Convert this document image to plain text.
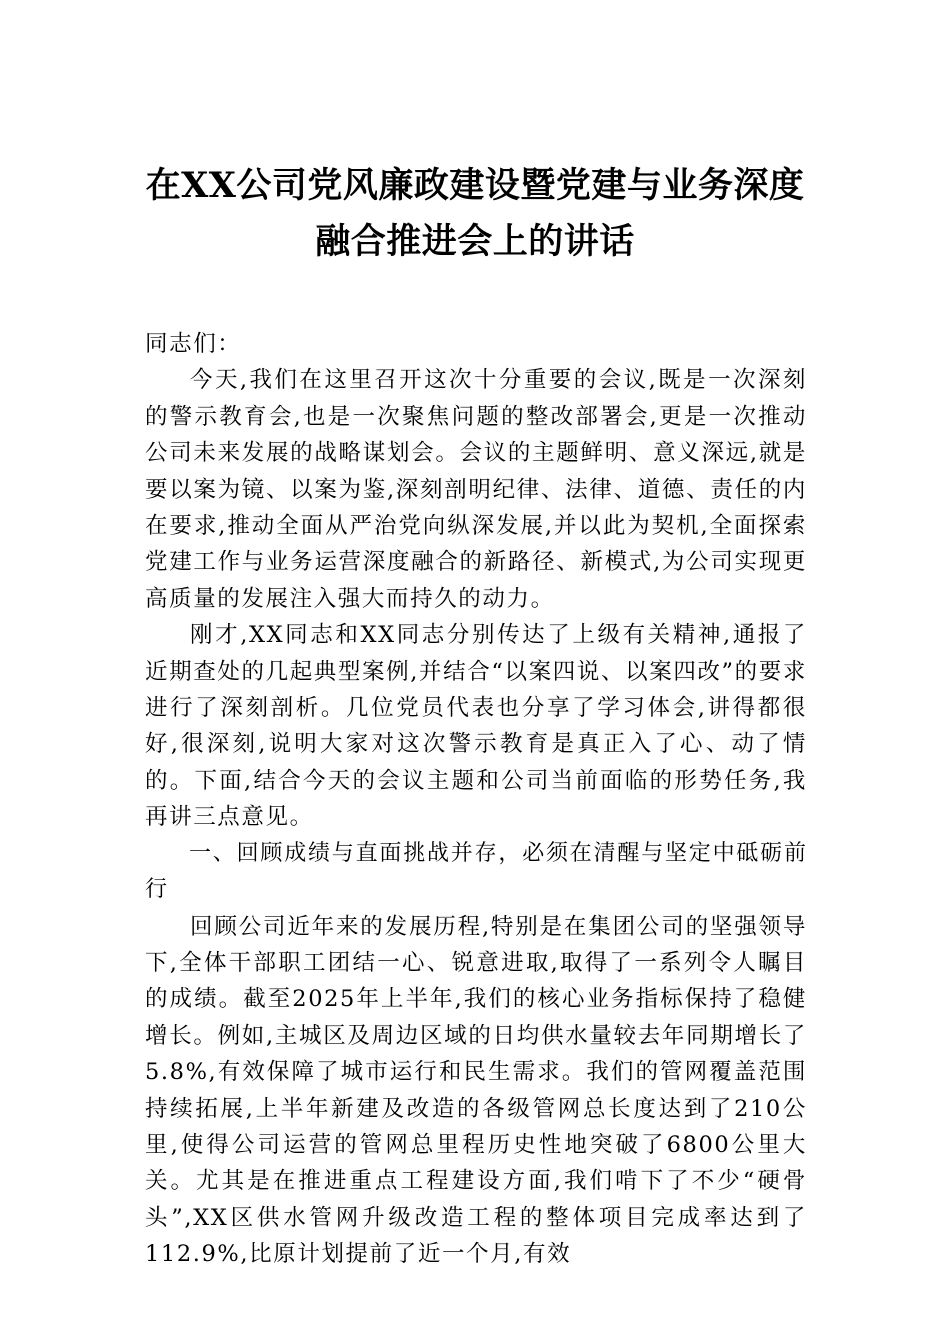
在XX公司党风廉政建设暨党建与业务深度
融合推进会上的讲话

同志们：

今天,我们在这里召开这次十分重要的会议,既是一次深刻的警示教育会,也是一次聚焦问题的整改部署会,更是一次推动公司未来发展的战略谋划会。会议的主题鲜明、意义深远,就是要以案为镜、以案为鉴,深刻剖明纪律、法律、道德、责任的内在要求,推动全面从严治党向纵深发展,并以此为契机,全面探索党建工作与业务运营深度融合的新路径、新模式,为公司实现更高质量的发展注入强大而持久的动力。

刚才,XX同志和XX同志分别传达了上级有关精神,通报了近期查处的几起典型案例,并结合“以案四说、以案四改”的要求进行了深刻剖析。几位党员代表也分享了学习体会,讲得都很好,很深刻,说明大家对这次警示教育是真正入了心、动了情的。下面,结合今天的会议主题和公司当前面临的形势任务,我再讲三点意见。

一、回顾成绩与直面挑战并存，必须在清醒与坚定中砥砺前行

回顾公司近年来的发展历程,特别是在集团公司的坚强领导下,全体干部职工团结一心、锐意进取,取得了一系列令人瞩目的成绩。截至2025年上半年,我们的核心业务指标保持了稳健增长。例如,主城区及周边区域的日均供水量较去年同期增长了5.8%,有效保障了城市运行和民生需求。我们的管网覆盖范围持续拓展,上半年新建及改造的各级管网总长度达到了210公里,使得公司运营的管网总里程历史性地突破了6800公里大关。尤其是在推进重点工程建设方面,我们啃下了不少“硬骨头”,XX区供水管网升级改造工程的整体项目完成率达到了112.9%,比原计划提前了近一个月,有效
